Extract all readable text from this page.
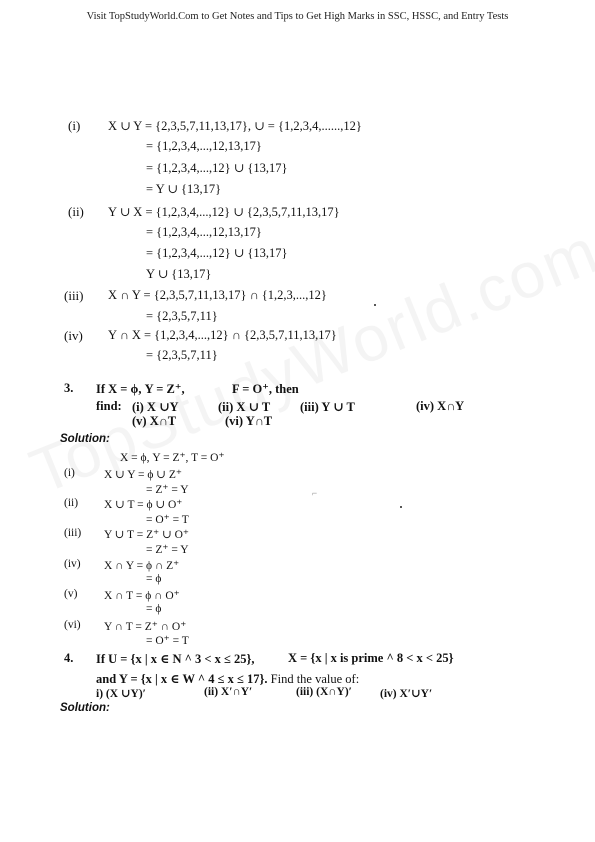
Visit TopStudyWorld.Com to Get Notes and Tips to Get High Marks in SSC, HSSC, and Entry Tests
(i) X ∪ Y = {2,3,5,7,11,13,17}, ∪ = {1,2,3,4,......,12}
= {1,2,3,4,...,12,13,17}
= {1,2,3,4,...,12} ∪ {13,17}
= Y ∪ {13,17}
(ii) Y ∪ X = {1,2,3,4,...,12} ∪ {2,3,5,7,11,13,17}
= {1,2,3,4,...,12,13,17}
= {1,2,3,4,...,12} ∪ {13,17}
Y ∪ {13,17}
(iii) X ∩ Y = {2,3,5,7,11,13,17} ∩ {1,2,3,...,12}
= {2,3,5,7,11}
(iv) Y ∩ X = {1,2,3,4,...,12} ∩ {2,3,5,7,11,13,17}
= {2,3,5,7,11}
3. If X = ϕ, Y = Z⁺,	F = O⁺, then
find: (i) X ∪Y	(ii) X ∪ T (iii) Y ∪ T	(iv) X∩Y
(v) X∩T	(vi) Y∩T
Solution:
X = ϕ, Y = Z⁺, T = O⁺
(i)	X ∪ Y = ϕ ∪ Z⁺
= Z⁺ = Y
(ii) X ∪ T = ϕ ∪ O⁺
= O⁺ = T
(iii) Y ∪ T = Z⁺ ∪ O⁺
= Z⁺ = Y
(iv) X ∩ Y = ϕ ∩ Z⁺
= ϕ
(v) X ∩ T = ϕ ∩ O⁺
= ϕ
(vi) Y ∩ T = Z⁺ ∩ O⁺
= O⁺ = T
⌐
4. If U = {x | x ∈ N ^ 3 < x ≤ 25},	X = {x | x is prime ^ 8 < x < 25}
and Y = {x | x ∈ W ^ 4 ≤ x ≤ 17}. Find the value of:
i) (X ∪Y)′	(ii) X′∩Y′	(iii) (X∩Y)′ (iv) X′∪Y′
Solution:
